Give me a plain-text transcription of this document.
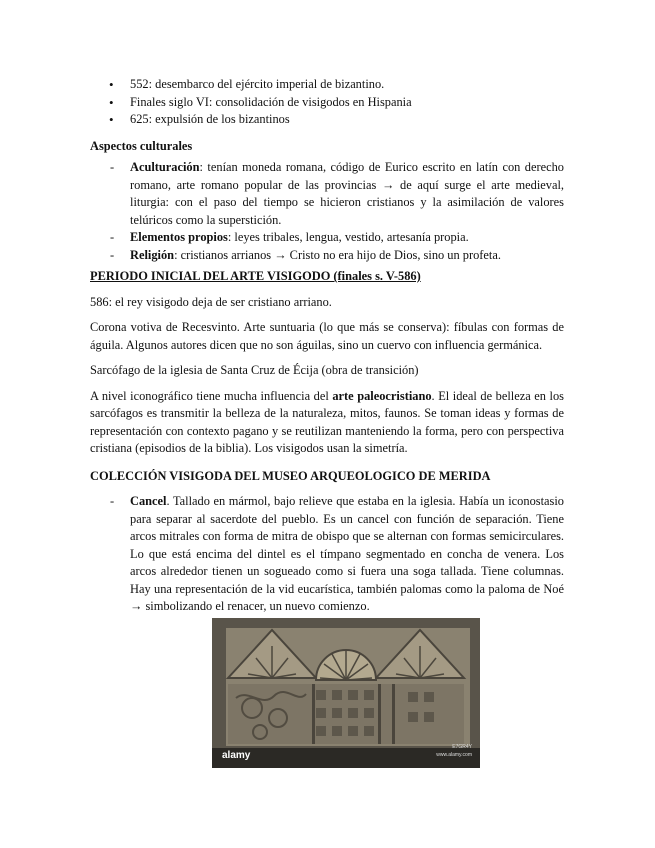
• 552: desembarco del ejército imperial de bizantino.
• Finales siglo VI: consolidación de visigodos en Hispania
• 625: expulsión de los bizantinos
Aspectos culturales
- Aculturación: tenían moneda romana, código de Eurico escrito en latín con derecho romano, arte romano popular de las provincias → de aquí surge el arte medieval, liturgia: con el paso del tiempo se hicieron cristianos y la asimilación de valores telúricos como la superstición.
- Elementos propios: leyes tribales, lengua, vestido, artesanía propia.
- Religión: cristianos arrianos → Cristo no era hijo de Dios, sino un profeta.
PERIODO INICIAL DEL ARTE VISIGODO (finales s. V-586)

586: el rey visigodo deja de ser cristiano arriano.

Corona votiva de Recesvinto. Arte suntuaria (lo que más se conserva): fíbulas con formas de águila. Algunos autores dicen que no son águilas, sino un cuervo con influencia germánica.

Sarcófago de la iglesia de Santa Cruz de Écija (obra de transición)

A nivel iconográfico tiene mucha influencia del arte paleocristiano. El ideal de belleza en los sarcófagos es transmitir la belleza de la naturaleza, mitos, faunos. Se toman ideas y formas de representación con contexto pagano y se reutilizan manteniendo la forma, pero con perspectiva cristiana (episodios de la biblia). Los visigodos usan la simetría.

COLECCIÓN VISIGODA DEL MUSEO ARQUEOLOGICO DE MERIDA
- Cancel. Tallado en mármol, bajo relieve que estaba en la iglesia. Había un iconostasio para separar al sacerdote del pueblo. Es un cancel con función de separación. Tiene arcos mitrales con forma de mitra de obispo que se alternan con formas semicirculares. Lo que está encima del dintel es el tímpano segmentado en concha de venera. Los arcos alrededor tienen un sogueado como si fuera una soga tallada. Tiene columnas. Hay una representación de la vid eucarística, también palomas como la paloma de Noé → simbolizando el renacer, un nuevo comienzo.
alamy
E7GR4Y
www.alamy.com
